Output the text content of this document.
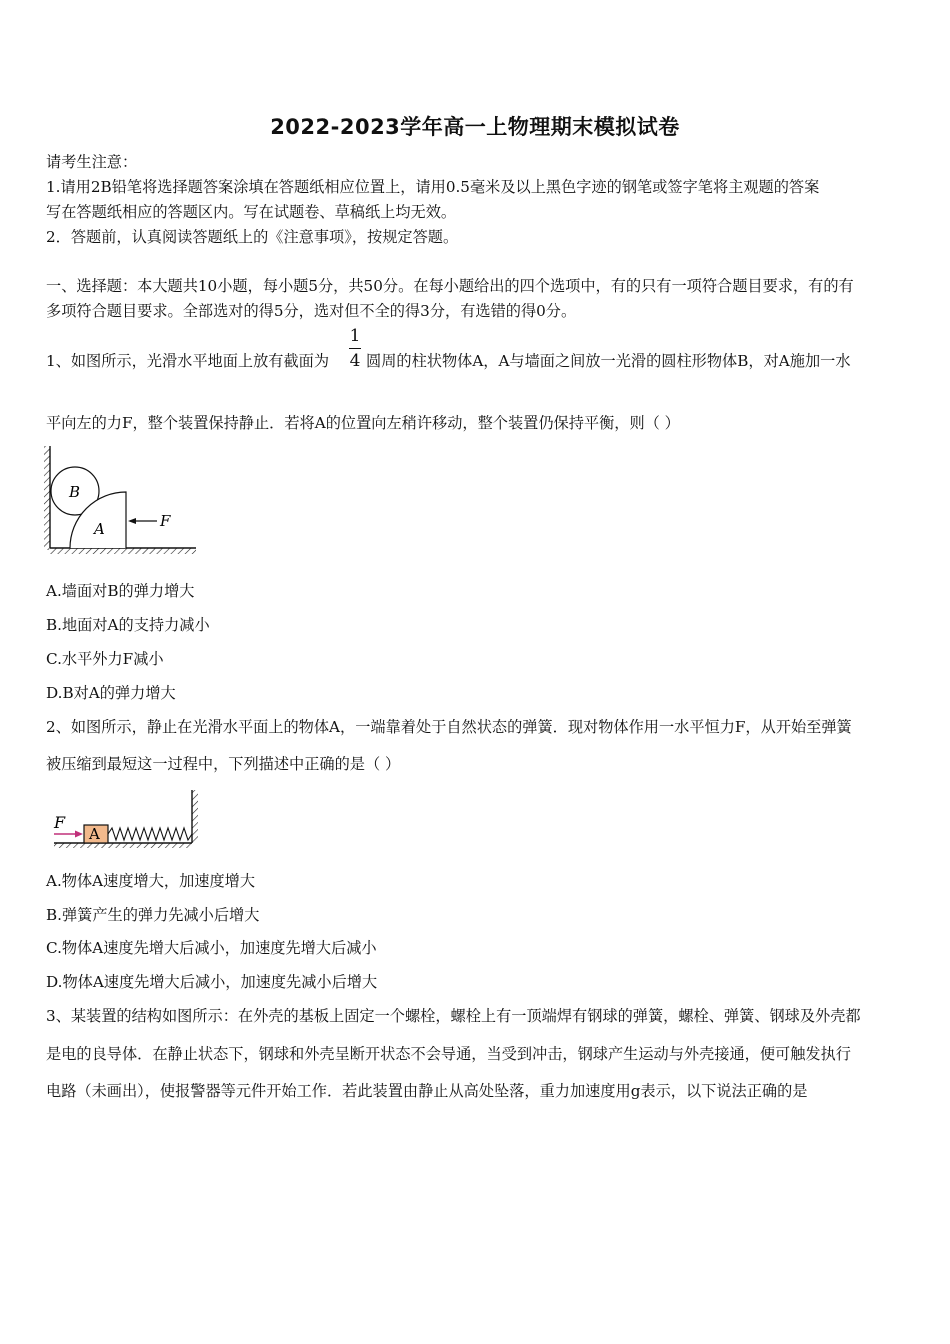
2022-2023学年高一上物理期末模拟试卷
请考生注意：
1.请用2B铅笔将选择题答案涂填在答题纸相应位置上，请用0.5毫米及以上黑色字迹的钢笔或签字笔将主观题的答案
写在答题纸相应的答题区内。写在试题卷、草稿纸上均无效。
2．答题前，认真阅读答题纸上的《注意事项》，按规定答题。
一、选择题：本大题共10小题，每小题5分，共50分。在每小题给出的四个选项中，有的只有一项符合题目要求，有的有
多项符合题目要求。全部选对的得5分，选对但不全的得3分，有选错的得0分。
1、如图所示，光滑水平地面上放有截面为
1
4 圆周的柱状物体A，A与墙面之间放一光滑的圆柱形物体B，对A施加一水
平向左的力F，整个装置保持静止．若将A的位置向左稍许移动，整个装置仍保持平衡，则（ ）
B
A	F
A.墙面对B的弹力增大
B.地面对A的支持力减小
C.水平外力F减小
D.B对A的弹力增大
2、如图所示，静止在光滑水平面上的物体A，一端靠着处于自然状态的弹簧．现对物体作用一水平恒力F，从开始至弹簧
被压缩到最短这一过程中，下列描述中正确的是（ ）
A
F
A.物体A速度增大，加速度增大
B.弹簧产生的弹力先减小后增大
C.物体A速度先增大后减小，加速度先增大后减小
D.物体A速度先增大后减小，加速度先减小后增大
3、某装置的结构如图所示：在外壳的基板上固定一个螺栓，螺栓上有一顶端焊有钢球的弹簧，螺栓、弹簧、钢球及外壳都
是电的良导体．在静止状态下，钢球和外壳呈断开状态不会导通，当受到冲击，钢球产生运动与外壳接通，便可触发执行
电路（未画出），使报警器等元件开始工作．若此装置由静止从高处坠落，重力加速度用g表示，以下说法正确的是
